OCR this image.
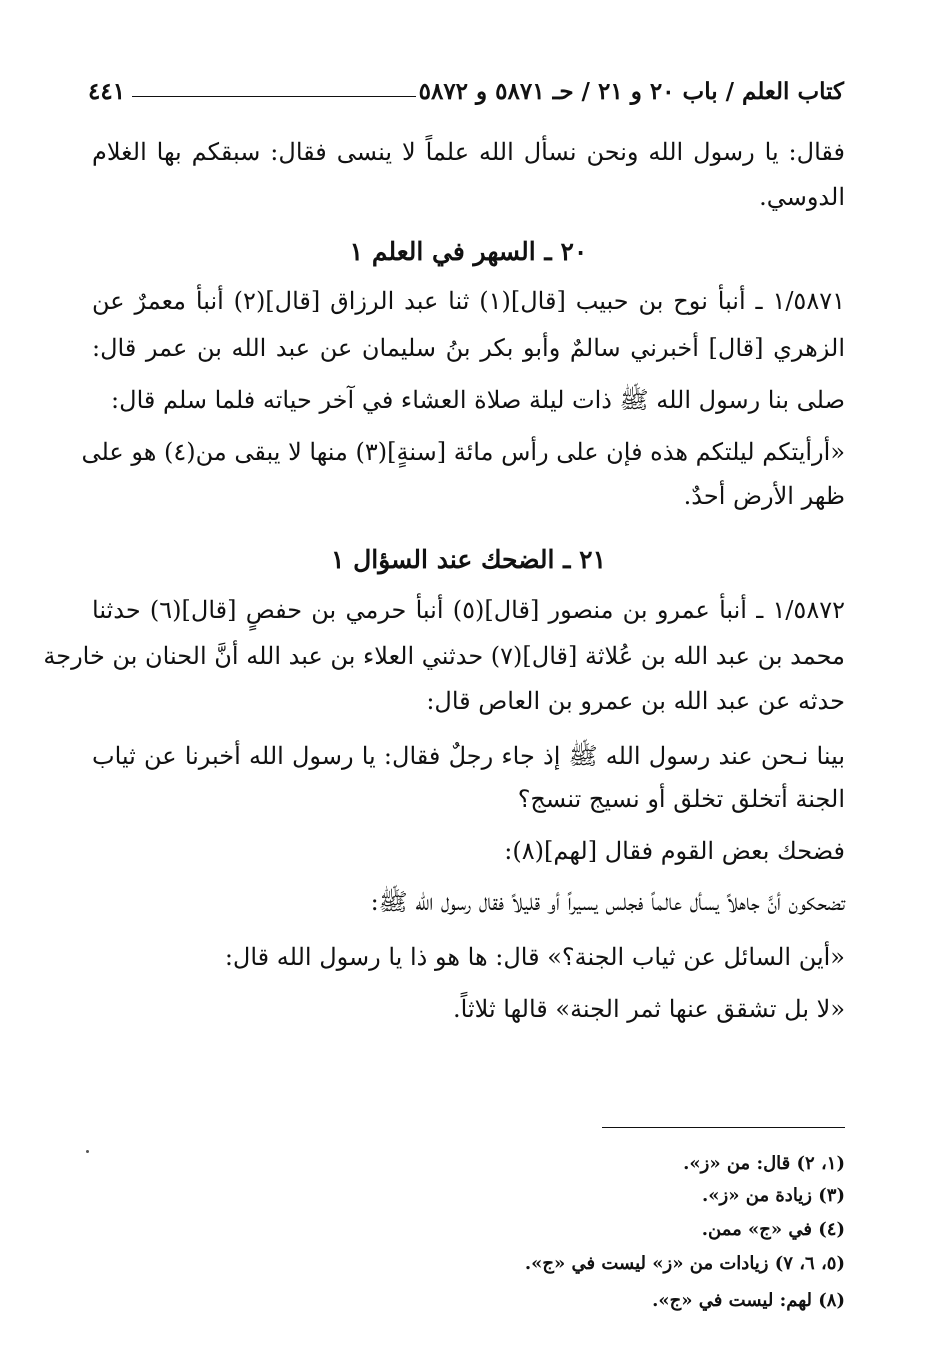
كتاب العلم / باب ٢٠ و ٢١ / حـ ٥٨٧١ و ٥٨٧٢
٤٤١
فقال: يا رسول الله ونحن نسأل الله علماً لا ينسى فقال: سبقكم بها الغلام
الدوسي.
٢٠ ـ السهر في العلم ١
١/٥٨٧١ ـ أنبأ نوح بن حبيب [قال](١) ثنا عبد الرزاق [قال](٢) أنبأ معمرٌ عن
الزهري [قال] أخبرني سالمٌ وأبو بكر بنُ سليمان عن عبد الله بن عمر قال:
صلى بنا رسول الله ﷺ ذات ليلة صلاة العشاء في آخر حياته فلما سلم قال:
«أرأيتكم ليلتكم هذه فإن على رأس مائة [سنةٍ](٣) منها لا يبقى من(٤) هو على
ظهر الأرض أحدٌ.
٢١ ـ الضحك عند السؤال ١
١/٥٨٧٢ ـ أنبأ عمرو بن منصور [قال](٥) أنبأ حرمي بن حفصٍ [قال](٦) حدثنا
محمد بن عبد الله بن عُلاثة [قال](٧) حدثني العلاء بن عبد الله أنَّ الحنان بن خارجة
حدثه عن عبد الله بن عمرو بن العاص قال:
بينا نـحن عند رسول الله ﷺ إذ جاء رجلٌ فقال: يا رسول الله أخبرنا عن ثياب
الجنة أتخلق تخلق أو نسيج تنسج؟
فضحك بعض القوم فقال [لهم](٨):
تضحكون أنَّ جاهلاً يسأل عالماً فجلس يسيراً أو قليلاً فقال رسول الله ﷺ:
«أين السائل عن ثياب الجنة؟» قال: ها هو ذا يا رسول الله قال:
«لا بل تشقق عنها ثمر الجنة» قالها ثلاثاً.
(١، ٢) قال: من «ز».
(٣) زيادة من «ز».
(٤) في «ج» ممن.
(٥، ٦، ٧) زيادات من «ز» ليست في «ج».
(٨) لهم: ليست في «ج».
